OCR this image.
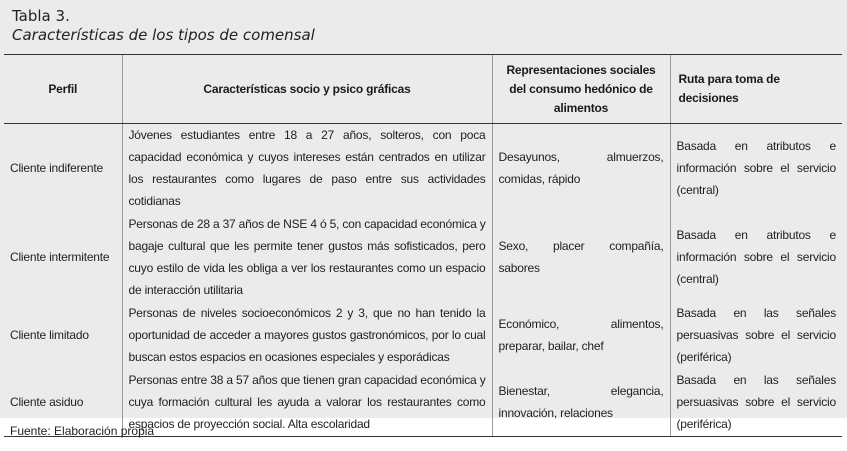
Tabla 3.
Características de los tipos de comensal
Perfil	Características socio y psico gráficas	Representaciones sociales del consumo hedónico de alimentos	Ruta para toma de decisiones
Cliente indiferente	Jóvenes estudiantes entre 18 a 27 años, solteros, con poca capacidad económica y cuyos intereses están centrados en utilizar los restaurantes como lugares de paso entre sus actividades cotidianas	Desayunos, almuerzos, comidas, rápido	Basada en atributos e información sobre el servicio (central)
Cliente intermitente	Personas de 28 a 37 años de NSE 4 ó 5, con capacidad económica y bagaje cultural que les permite tener gustos más sofisticados, pero cuyo estilo de vida les obliga a ver los restaurantes como un espacio de interacción utilitaria	Sexo, placer compañía, sabores	Basada en atributos e información sobre el servicio (central)
Cliente limitado	Personas de niveles socioeconómicos 2 y 3, que no han tenido la oportunidad de acceder a mayores gustos gastronómicos, por lo cual buscan estos espacios en ocasiones especiales y esporádicas	Económico, alimentos, preparar, bailar, chef	Basada en las señales persuasivas sobre el servicio (periférica)
Cliente asiduo	Personas entre 38 a 57 años que tienen gran capacidad económica y cuya formación cultural les ayuda a valorar los restaurantes como espacios de proyección social. Alta escolaridad	Bienestar, elegancia, innovación, relaciones	Basada en las señales persuasivas sobre el servicio (periférica)
Fuente: Elaboración propia
